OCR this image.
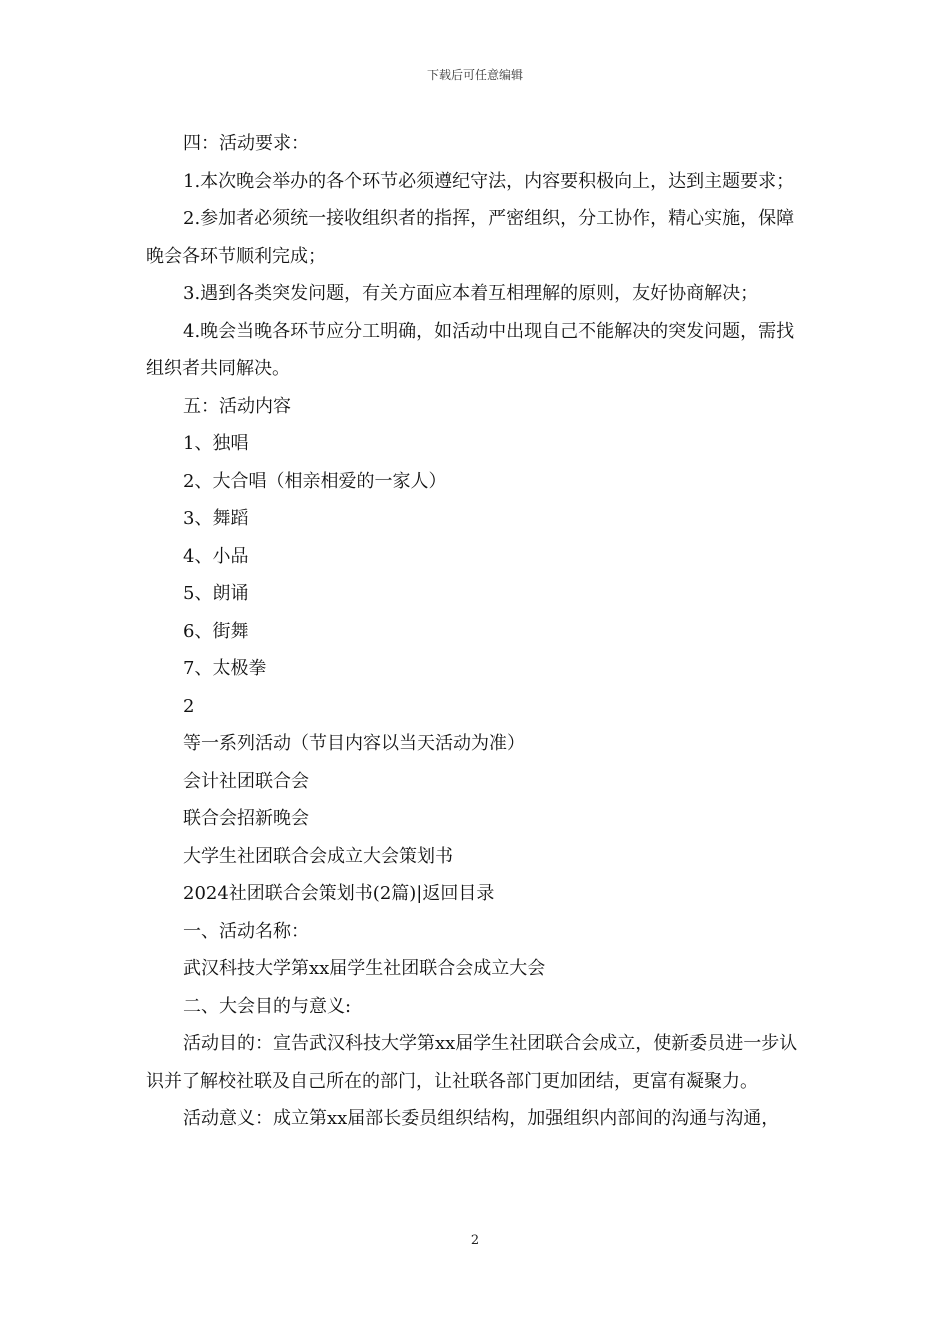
下载后可任意编辑

四：活动要求：

1.本次晚会举办的各个环节必须遵纪守法，内容要积极向上，达到主题要求；

2.参加者必须统一接收组织者的指挥，严密组织，分工协作，精心实施，保障晚会各环节顺利完成；

3.遇到各类突发问题，有关方面应本着互相理解的原则，友好协商解决；

4.晚会当晚各环节应分工明确，如活动中出现自己不能解决的突发问题，需找组织者共同解决。

五：活动内容

1、独唱

2、大合唱（相亲相爱的一家人）

3、舞蹈

4、小品

5、朗诵

6、街舞

7、太极拳

2

等一系列活动（节目内容以当天活动为准）

会计社团联合会

联合会招新晚会

大学生社团联合会成立大会策划书

2024社团联合会策划书(2篇)|返回目录

一、活动名称：

武汉科技大学第xx届学生社团联合会成立大会

二、大会目的与意义:

活动目的：宣告武汉科技大学第xx届学生社团联合会成立，使新委员进一步认识并了解校社联及自己所在的部门，让社联各部门更加团结，更富有凝聚力。

活动意义：成立第xx届部长委员组织结构，加强组织内部间的沟通与沟通，

2
